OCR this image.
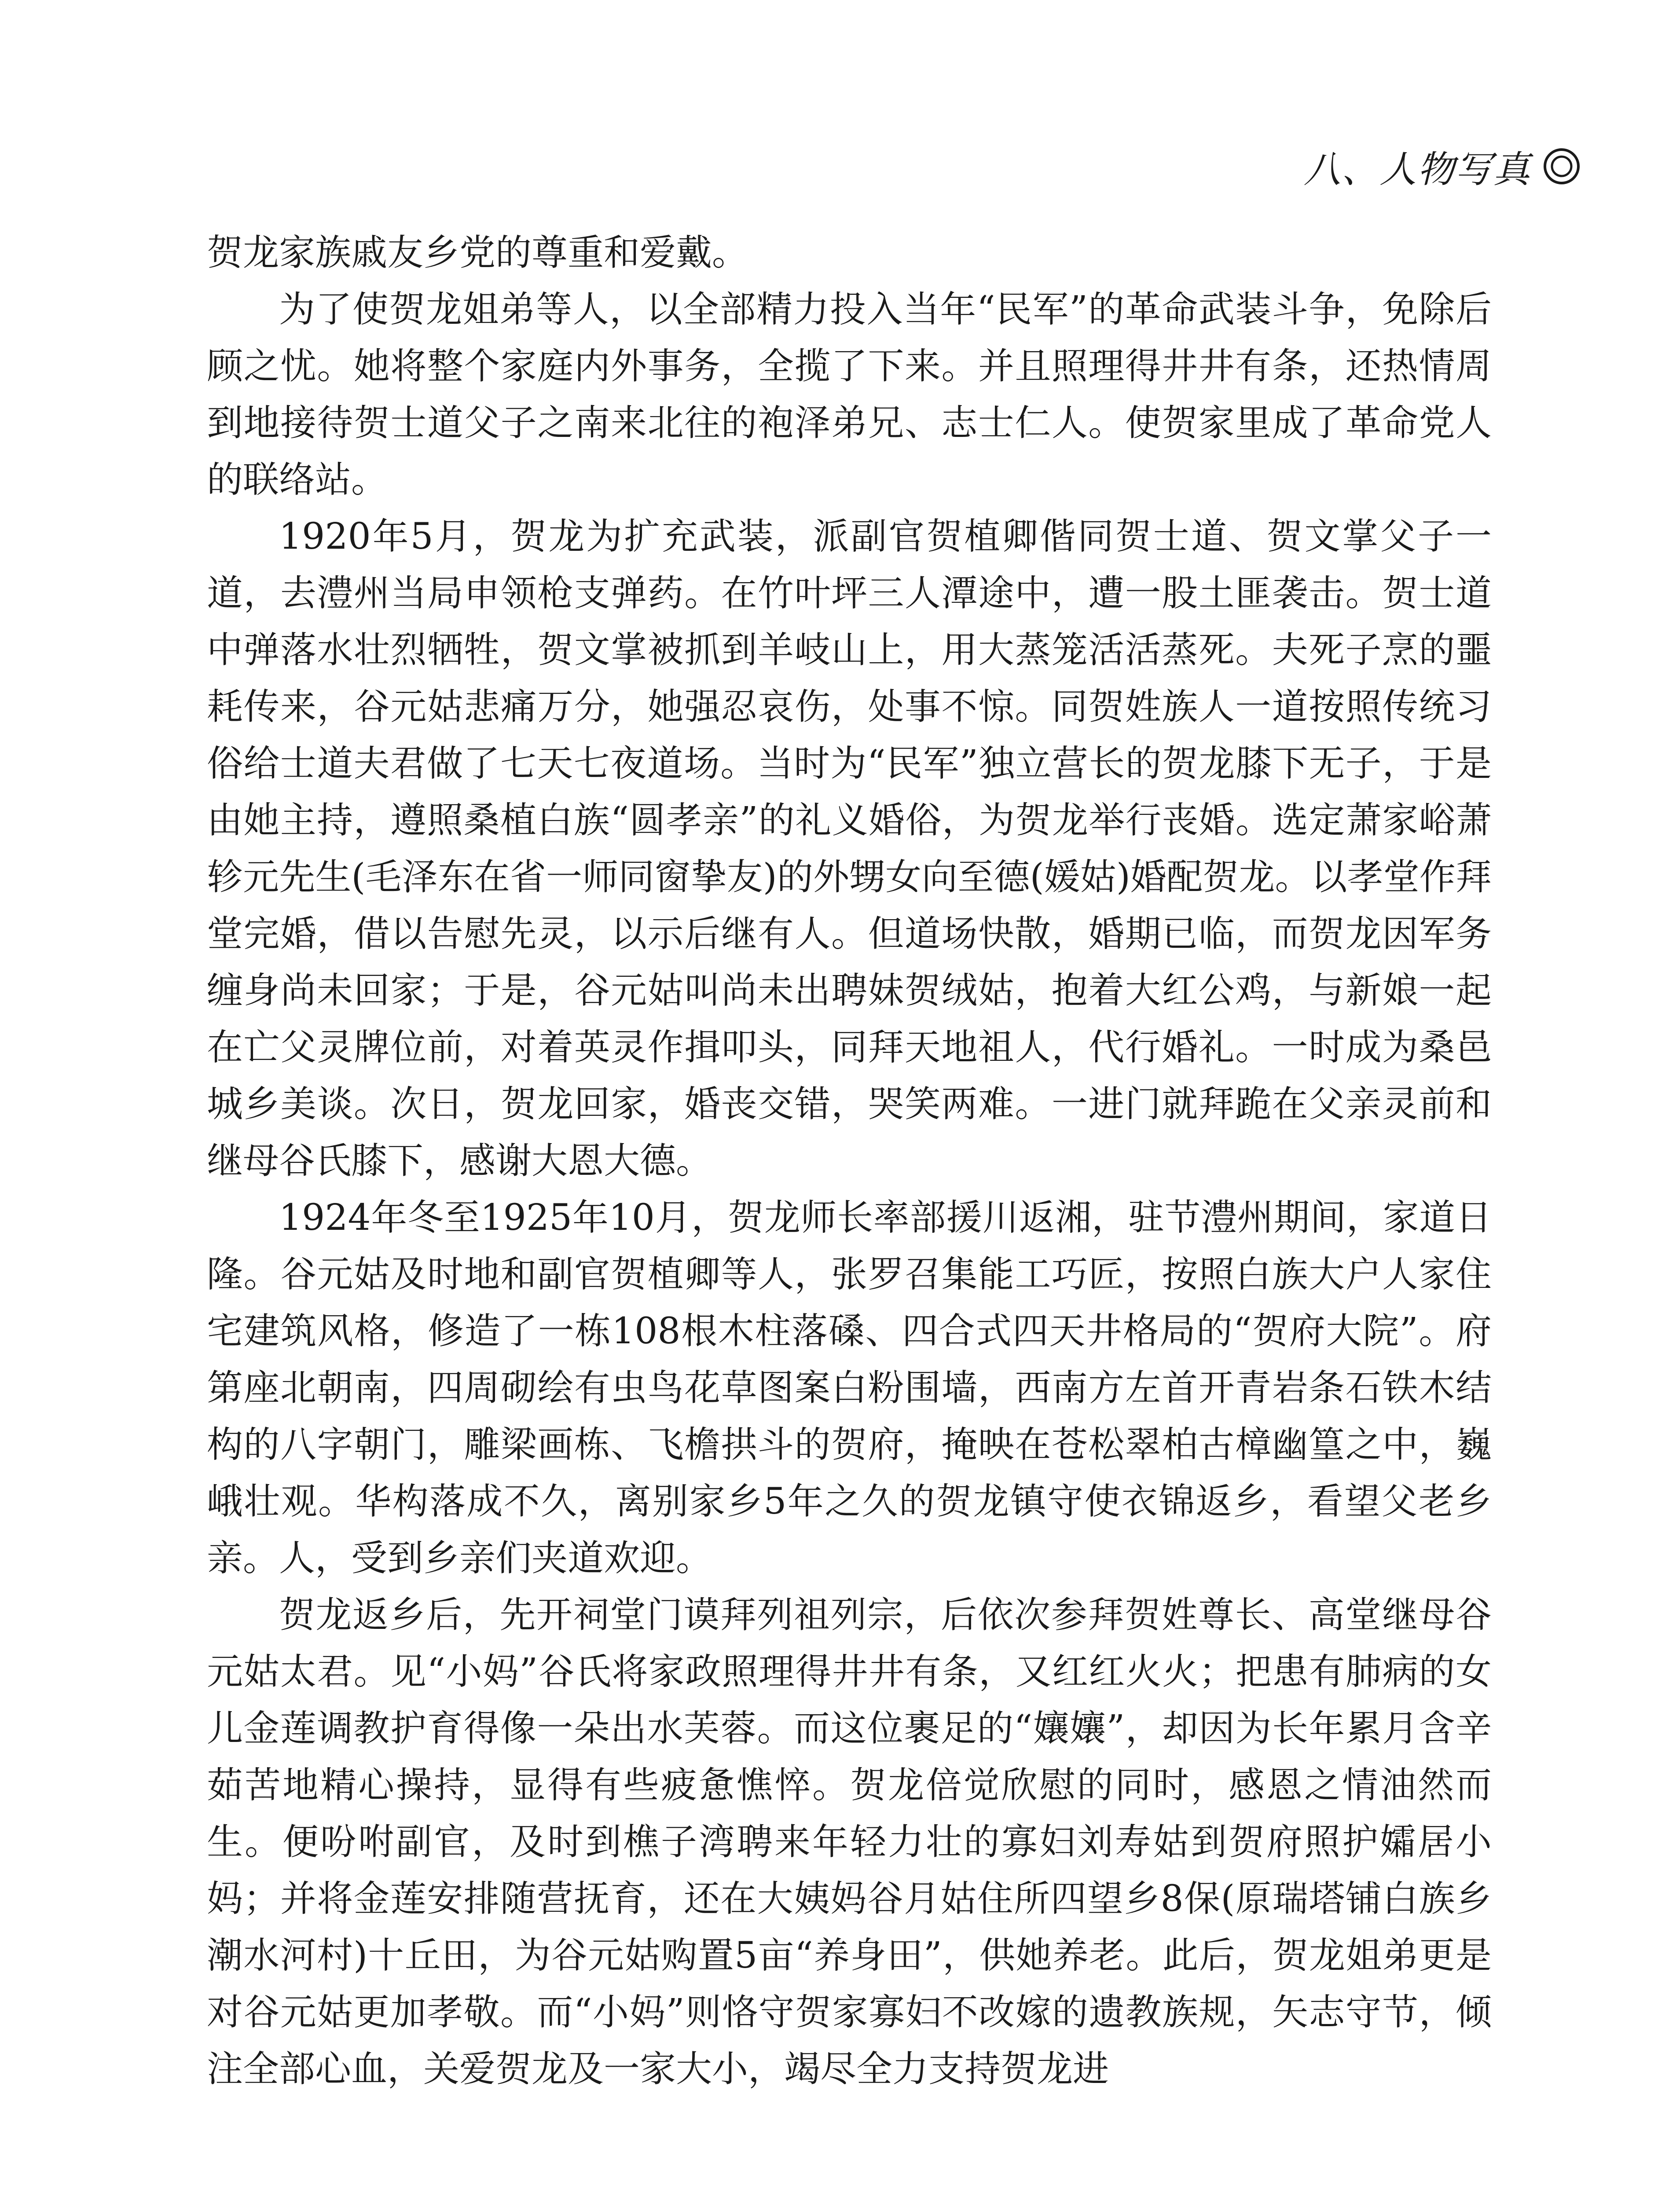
八、人物写真

贺龙家族戚友乡党的尊重和爱戴。

为了使贺龙姐弟等人，以全部精力投入当年“民军”的革命武装斗争，免除后顾之忧。她将整个家庭内外事务，全揽了下来。并且照理得井井有条，还热情周到地接待贺士道父子之南来北往的袍泽弟兄、志士仁人。使贺家里成了革命党人的联络站。

1920年5月，贺龙为扩充武装，派副官贺植卿偕同贺士道、贺文掌父子一道，去澧州当局申领枪支弹药。在竹叶坪三人潭途中，遭一股土匪袭击。贺士道中弹落水壮烈牺牲，贺文掌被抓到羊岐山上，用大蒸笼活活蒸死。夫死子烹的噩耗传来，谷元姑悲痛万分，她强忍哀伤，处事不惊。同贺姓族人一道按照传统习俗给士道夫君做了七天七夜道场。当时为“民军”独立营长的贺龙膝下无子，于是由她主持，遵照桑植白族“圆孝亲”的礼义婚俗，为贺龙举行丧婚。选定萧家峪萧轸元先生(毛泽东在省一师同窗挚友)的外甥女向至德(媛姑)婚配贺龙。以孝堂作拜堂完婚，借以告慰先灵，以示后继有人。但道场快散，婚期已临，而贺龙因军务缠身尚未回家；于是，谷元姑叫尚未出聘妹贺绒姑，抱着大红公鸡，与新娘一起在亡父灵牌位前，对着英灵作揖叩头，同拜天地祖人，代行婚礼。一时成为桑邑城乡美谈。次日，贺龙回家，婚丧交错，哭笑两难。一进门就拜跪在父亲灵前和继母谷氏膝下，感谢大恩大德。

1924年冬至1925年10月，贺龙师长率部援川返湘，驻节澧州期间，家道日隆。谷元姑及时地和副官贺植卿等人，张罗召集能工巧匠，按照白族大户人家住宅建筑风格，修造了一栋108根木柱落磉、四合式四天井格局的“贺府大院”。府第座北朝南，四周砌绘有虫鸟花草图案白粉围墙，西南方左首开青岩条石铁木结构的八字朝门，雕梁画栋、飞檐拱斗的贺府，掩映在苍松翠柏古樟幽篁之中，巍峨壮观。华构落成不久，离别家乡5年之久的贺龙镇守使衣锦返乡，看望父老乡亲。人，受到乡亲们夹道欢迎。

贺龙返乡后，先开祠堂门谟拜列祖列宗，后依次参拜贺姓尊长、高堂继母谷元姑太君。见“小妈”谷氏将家政照理得井井有条，又红红火火；把患有肺病的女儿金莲调教护育得像一朵出水芙蓉。而这位裹足的“孃孃”，却因为长年累月含辛茹苦地精心操持，显得有些疲惫憔悴。贺龙倍觉欣慰的同时，感恩之情油然而生。便吩咐副官，及时到樵子湾聘来年轻力壮的寡妇刘寿姑到贺府照护孀居小妈；并将金莲安排随营抚育，还在大姨妈谷月姑住所四望乡8保(原瑞塔铺白族乡潮水河村)十丘田，为谷元姑购置5亩“养身田”，供她养老。此后，贺龙姐弟更是对谷元姑更加孝敬。而“小妈”则恪守贺家寡妇不改嫁的遗教族规，矢志守节，倾注全部心血，关爱贺龙及一家大小，竭尽全力支持贺龙进
